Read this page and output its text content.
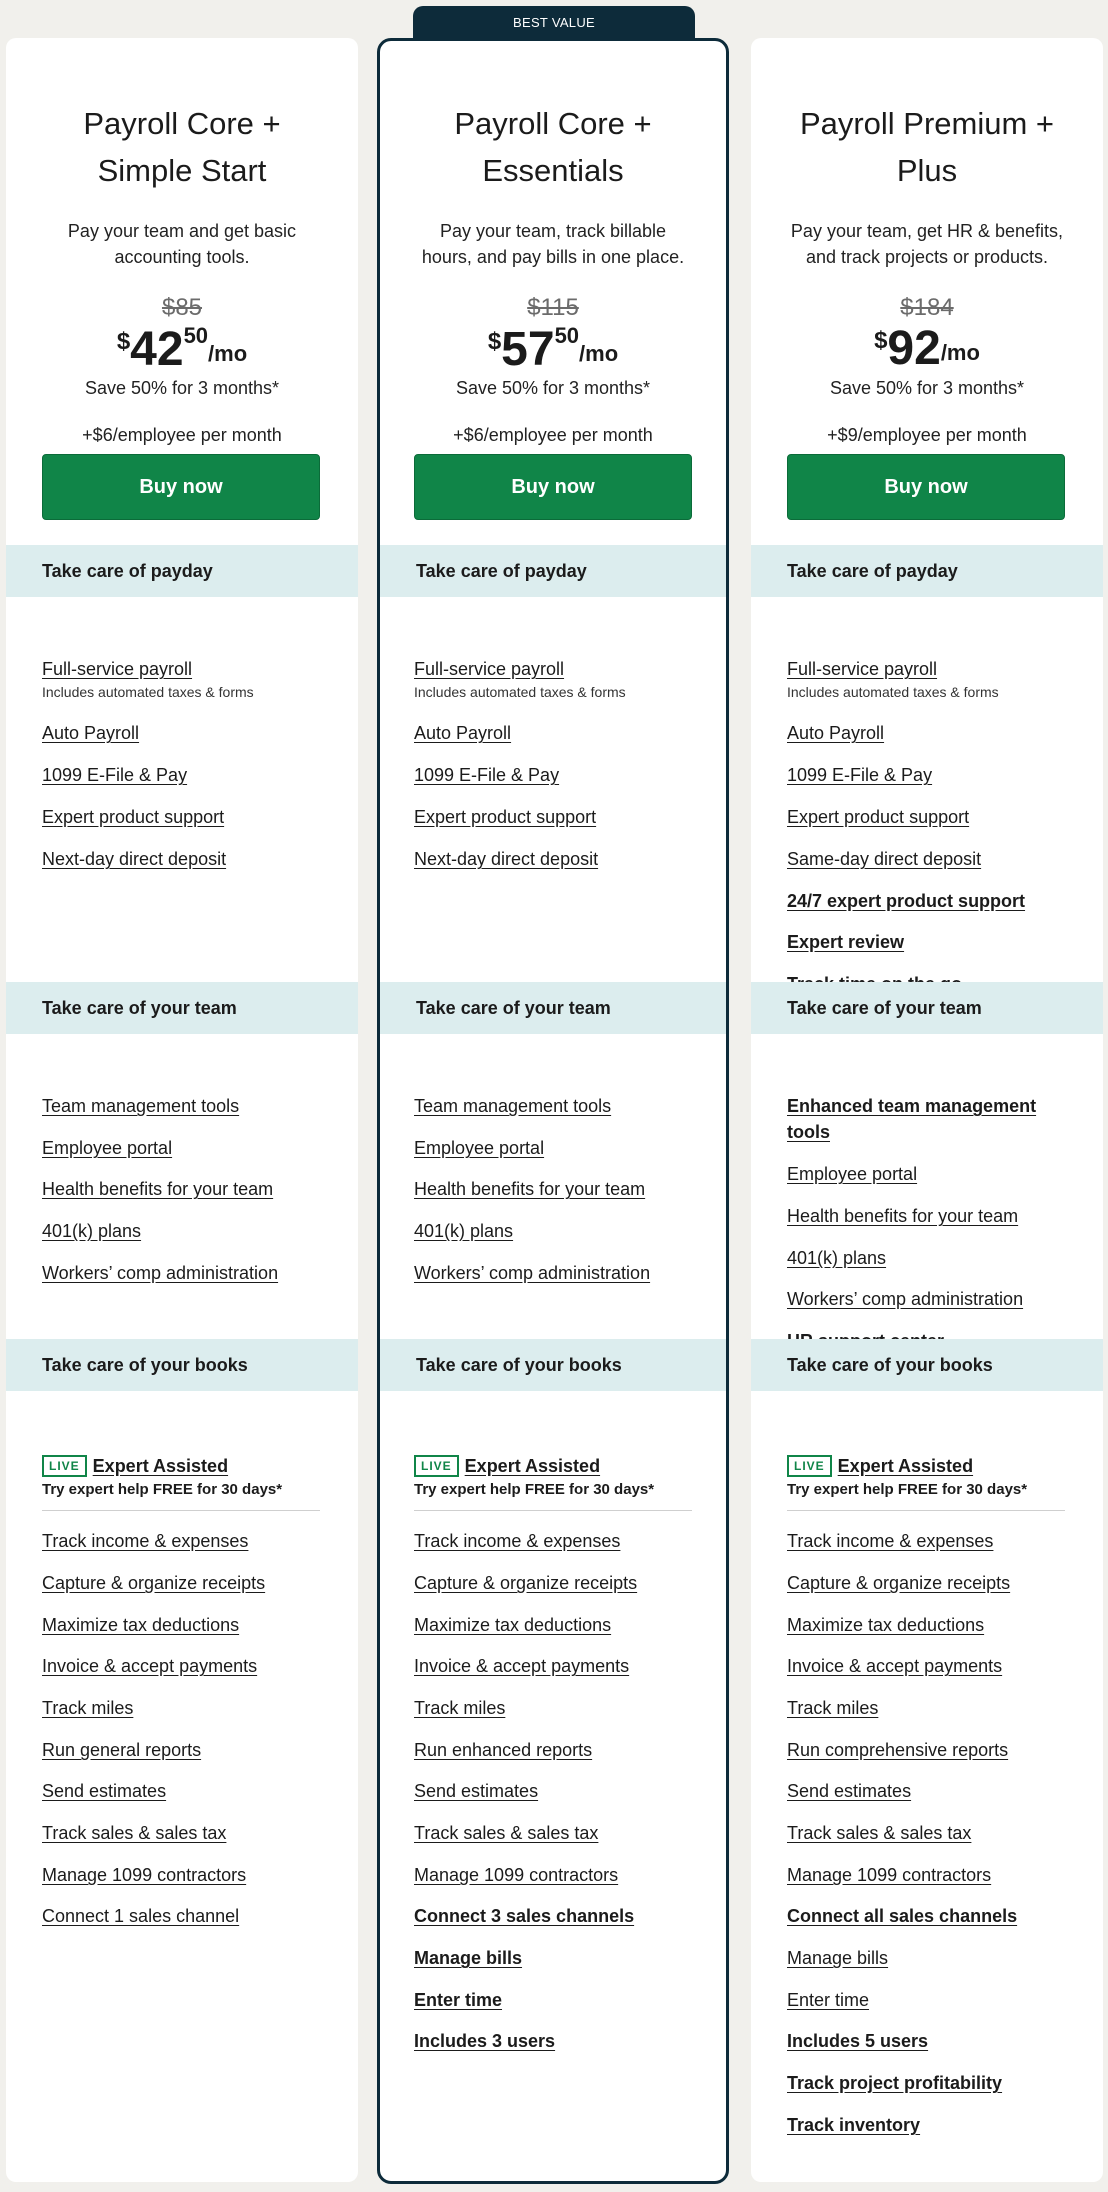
BEST VALUE
Payroll Core +
Simple Start
Pay your team and get basic
accounting tools.
$85
$4250/mo
Save 50% for 3 months*
+$6/employee per month
Buy now
Take care of payday
Full-service payroll
Includes automated taxes & forms
Auto Payroll
1099 E-File & Pay
Expert product support
Next-day direct deposit
Take care of your team
Team management tools
Employee portal
Health benefits for your team
401(k) plans
Workers’ comp administration
Take care of your books
LIVE Expert Assisted
Try expert help FREE for 30 days*
Track income & expenses
Capture & organize receipts
Maximize tax deductions
Invoice & accept payments
Track miles
Run general reports
Send estimates
Track sales & sales tax
Manage 1099 contractors
Connect 1 sales channel
Payroll Core +
Essentials
Pay your team, track billable
hours, and pay bills in one place.
$115
$5750/mo
Save 50% for 3 months*
+$6/employee per month
Buy now
Take care of payday
Full-service payroll
Includes automated taxes & forms
Auto Payroll
1099 E-File & Pay
Expert product support
Next-day direct deposit
Take care of your team
Team management tools
Employee portal
Health benefits for your team
401(k) plans
Workers’ comp administration
Take care of your books
LIVE Expert Assisted
Try expert help FREE for 30 days*
Track income & expenses
Capture & organize receipts
Maximize tax deductions
Invoice & accept payments
Track miles
Run enhanced reports
Send estimates
Track sales & sales tax
Manage 1099 contractors
Connect 3 sales channels
Manage bills
Enter time
Includes 3 users
Payroll Premium +
Plus
Pay your team, get HR & benefits,
and track projects or products.
$184
$92/mo
Save 50% for 3 months*
+$9/employee per month
Buy now
Take care of payday
Full-service payroll
Includes automated taxes & forms
Auto Payroll
1099 E-File & Pay
Expert product support
Same-day direct deposit
24/7 expert product support
Expert review
Take care of your team
Enhanced team management
tools
Employee portal
Health benefits for your team
401(k) plans
Workers’ comp administration
Take care of your books
LIVE Expert Assisted
Try expert help FREE for 30 days*
Track income & expenses
Capture & organize receipts
Maximize tax deductions
Invoice & accept payments
Track miles
Run comprehensive reports
Send estimates
Track sales & sales tax
Manage 1099 contractors
Connect all sales channels
Manage bills
Enter time
Includes 5 users
Track project profitability
Track inventory
